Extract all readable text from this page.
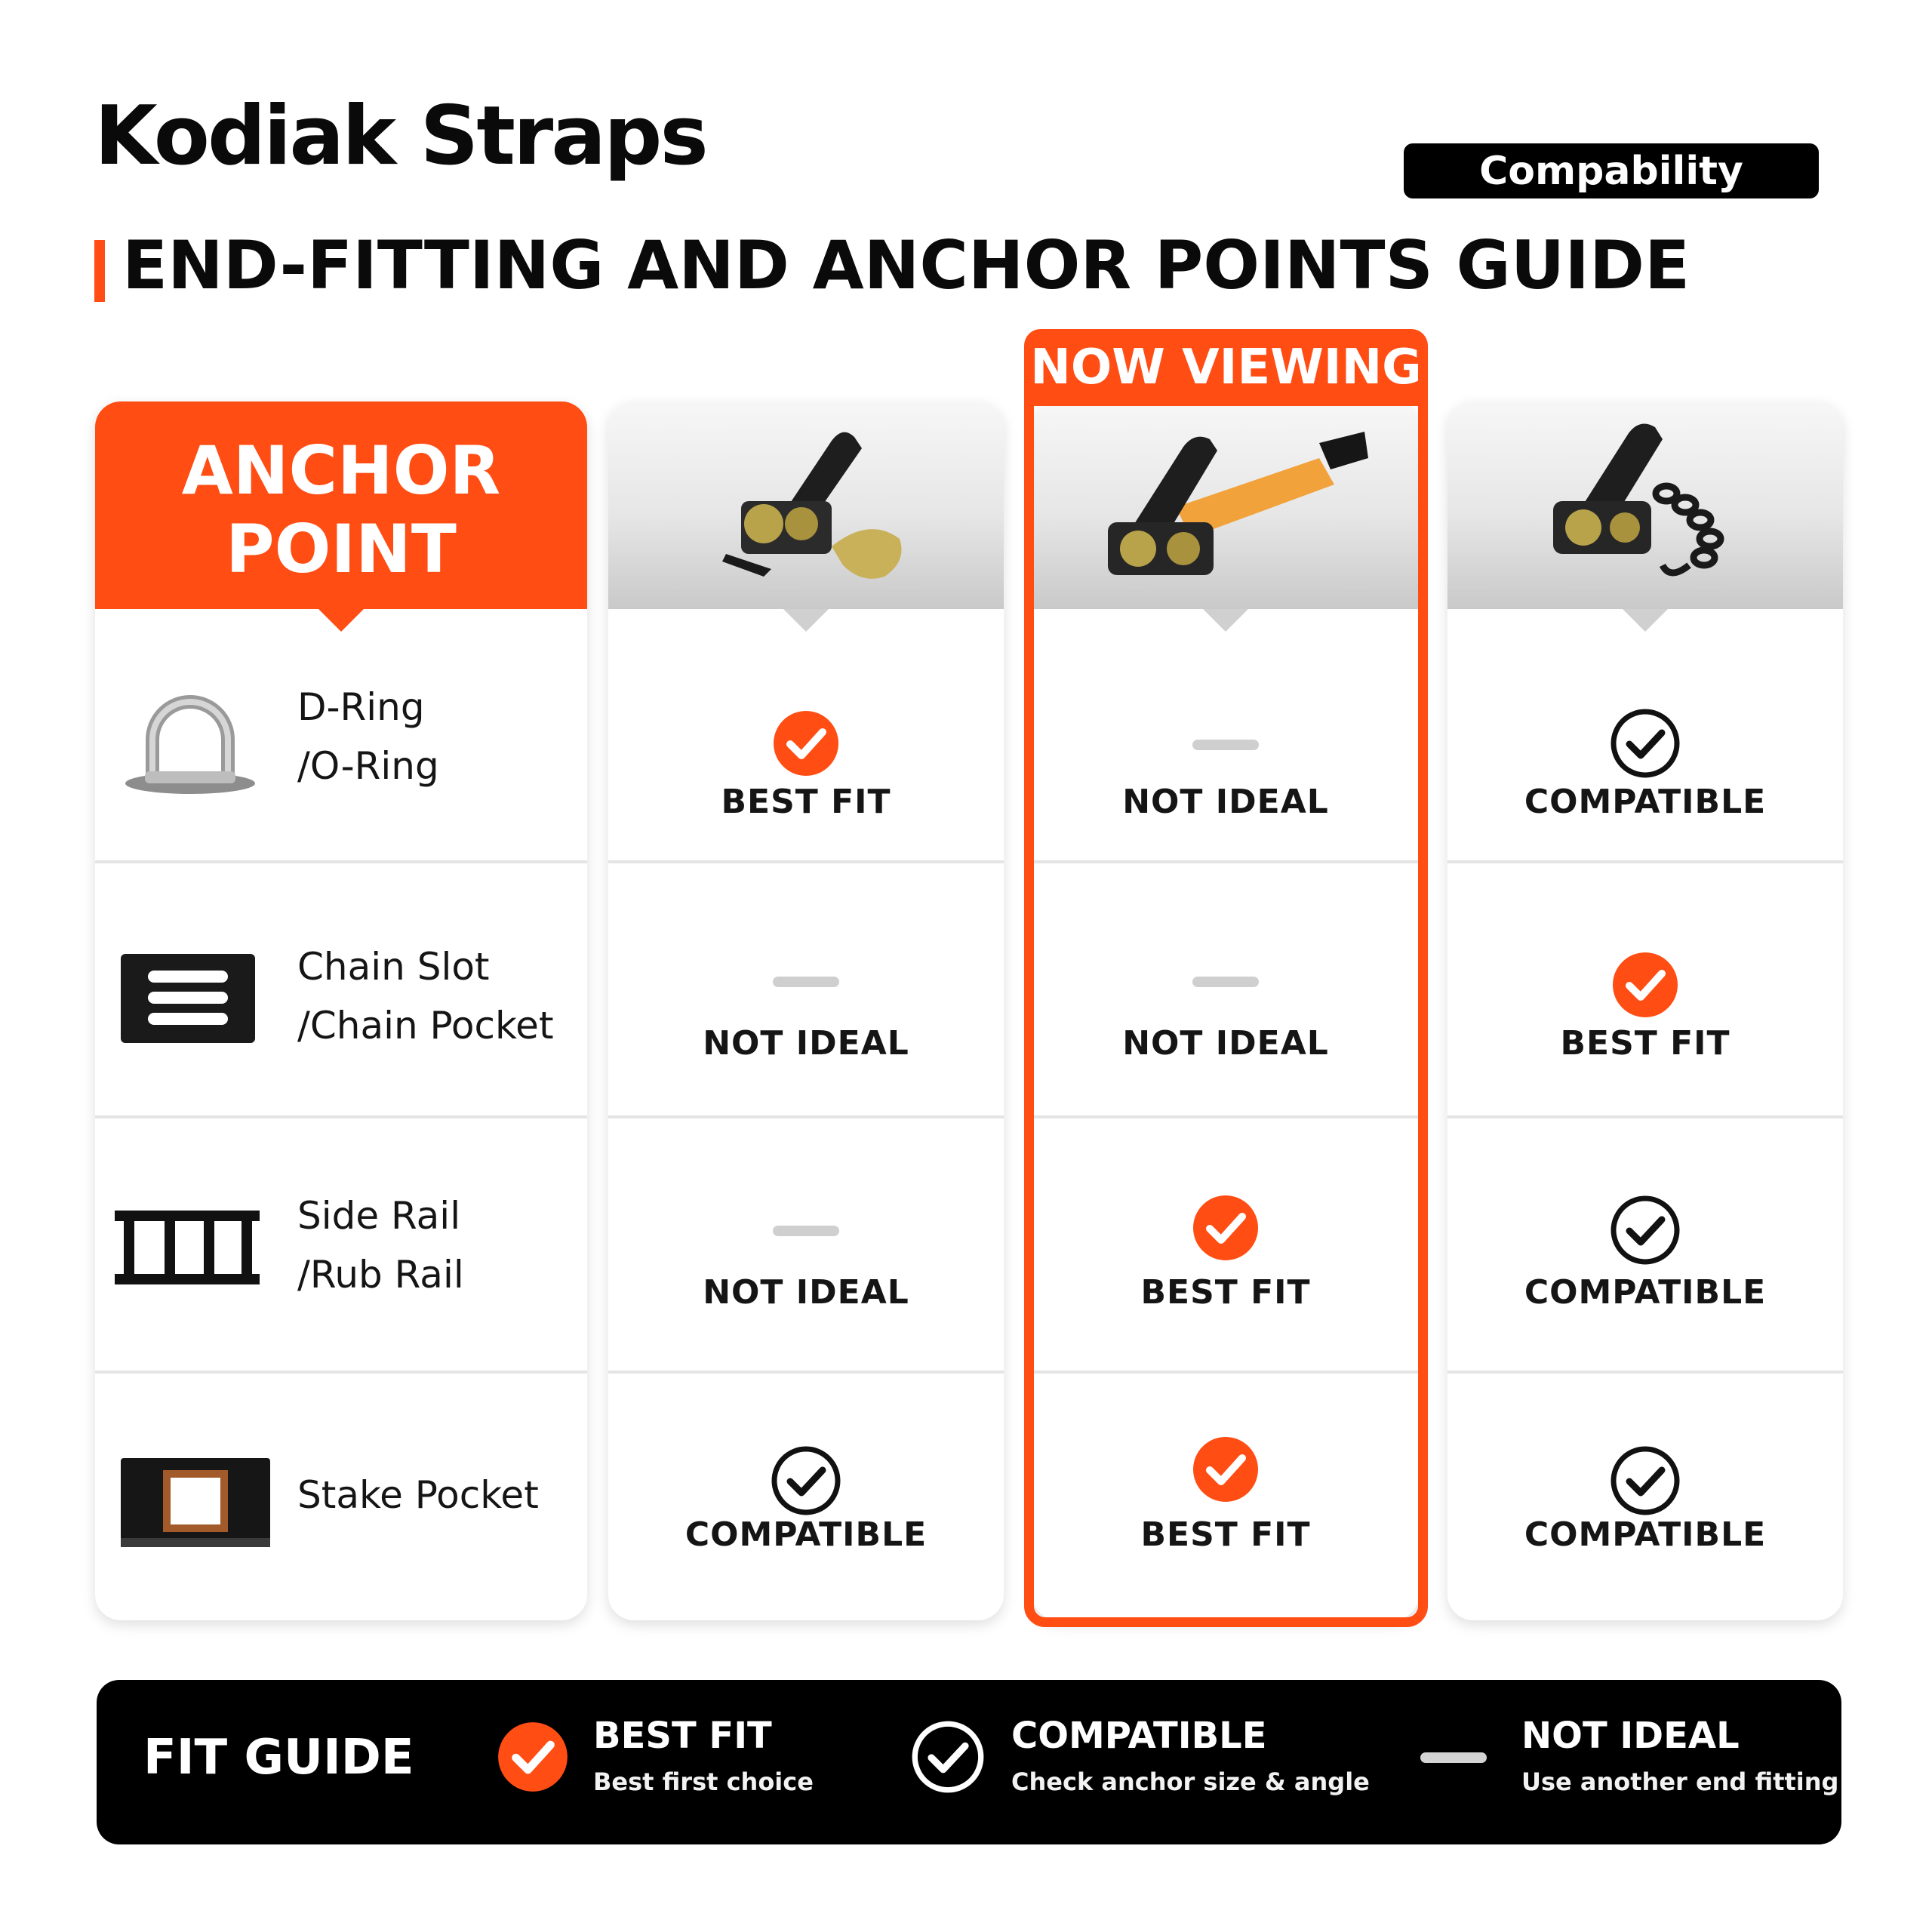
Kodiak Straps	Compability
END-FITTING AND ANCHOR POINTS GUIDE
ANCHOR
POINT
D-Ring
/O-Ring
Chain Slot
/Chain Pocket
Side Rail
/Rub Rail
Stake Pocket
BEST FIT
NOT IDEAL
NOT IDEAL
COMPATIBLE
NOT IDEAL
NOT IDEAL
BEST FIT
BEST FIT
COMPATIBLE
BEST FIT
COMPATIBLE
COMPATIBLE
NOW VIEWING
FIT GUIDE	BEST FIT
Best first choice
COMPATIBLE
Check anchor size & angle
NOT IDEAL
Use another end fitting
